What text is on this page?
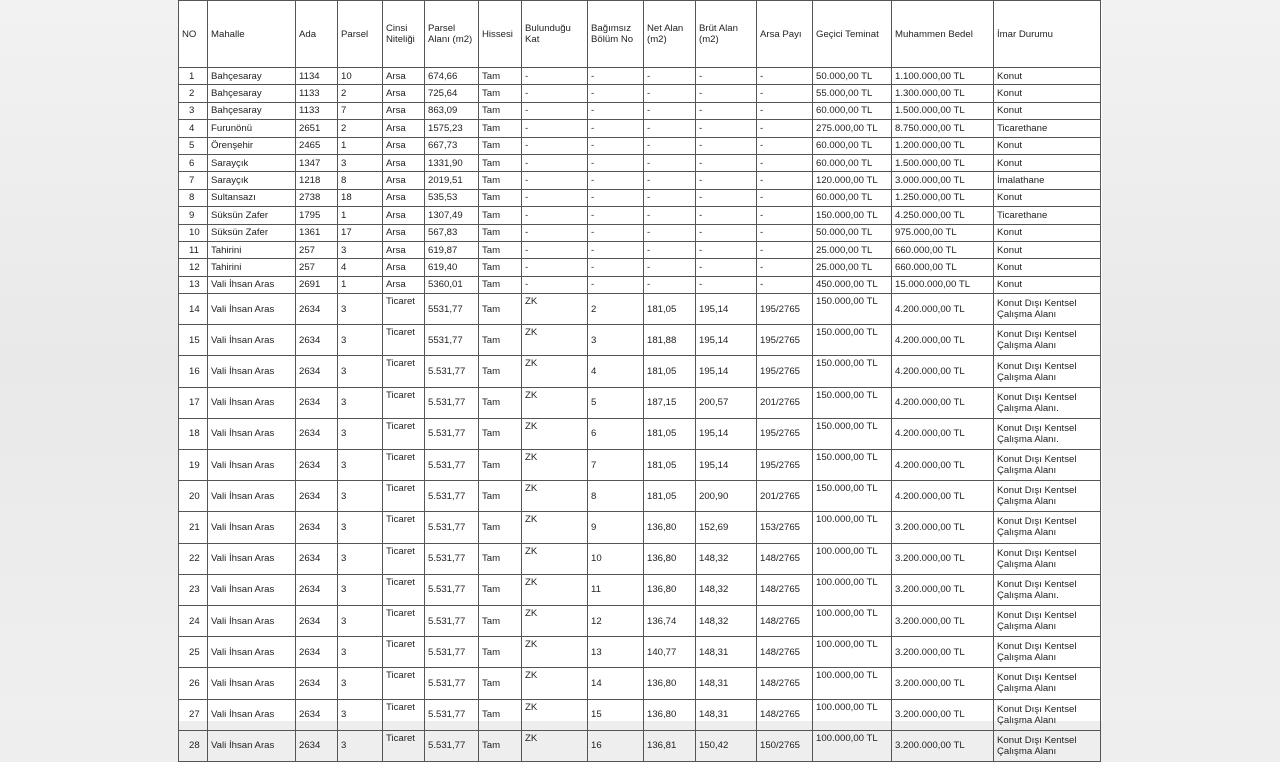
NO	Mahalle	Ada	Parsel	Cinsi Niteliği	Parsel Alanı (m2)	Hissesi	Bulunduğu Kat	Bağımsız Bölüm No	Net Alan (m2)	Brüt Alan (m2)	Arsa Payı	Geçici Teminat	Muhammen Bedel	İmar Durumu
1	Bahçesaray	1134	10	Arsa	674,66	Tam	-	-	-	-	-	50.000,00 TL	1.100.000,00 TL	Konut
2	Bahçesaray	1133	2	Arsa	725,64	Tam	-	-	-	-	-	55.000,00 TL	1.300.000,00 TL	Konut
3	Bahçesaray	1133	7	Arsa	863,09	Tam	-	-	-	-	-	60.000,00 TL	1.500.000,00 TL	Konut
4	Furunönü	2651	2	Arsa	1575,23	Tam	-	-	-	-	-	275.000,00 TL	8.750.000,00 TL	Ticarethane
5	Örenşehir	2465	1	Arsa	667,73	Tam	-	-	-	-	-	60.000,00 TL	1.200.000,00 TL	Konut
6	Sarayçık	1347	3	Arsa	1331,90	Tam	-	-	-	-	-	60.000,00 TL	1.500.000,00 TL	Konut
7	Sarayçık	1218	8	Arsa	2019,51	Tam	-	-	-	-	-	120.000,00 TL	3.000.000,00 TL	İmalathane
8	Sultansazı	2738	18	Arsa	535,53	Tam	-	-	-	-	-	60.000,00 TL	1.250.000,00 TL	Konut
9	Süksün Zafer	1795	1	Arsa	1307,49	Tam	-	-	-	-	-	150.000,00 TL	4.250.000,00 TL	Ticarethane
10	Süksün Zafer	1361	17	Arsa	567,83	Tam	-	-	-	-	-	50.000,00 TL	975.000,00 TL	Konut
11	Tahirini	257	3	Arsa	619,87	Tam	-	-	-	-	-	25.000,00 TL	660.000,00 TL	Konut
12	Tahirini	257	4	Arsa	619,40	Tam	-	-	-	-	-	25.000,00 TL	660.000,00 TL	Konut
13	Vali İhsan Aras	2691	1	Arsa	5360,01	Tam	-	-	-	-	-	450.000,00 TL	15.000.000,00 TL	Konut
14	Vali İhsan Aras	2634	3	Ticaret	5531,77	Tam	ZK	2	181,05	195,14	195/2765	150.000,00 TL	4.200.000,00 TL	Konut Dışı Kentsel Çalışma Alanı
15	Vali İhsan Aras	2634	3	Ticaret	5531,77	Tam	ZK	3	181,88	195,14	195/2765	150.000,00 TL	4.200.000,00 TL	Konut Dışı Kentsel Çalışma Alanı
16	Vali İhsan Aras	2634	3	Ticaret	5.531,77	Tam	ZK	4	181,05	195,14	195/2765	150.000,00 TL	4.200.000,00 TL	Konut Dışı Kentsel Çalışma Alanı
17	Vali İhsan Aras	2634	3	Ticaret	5.531,77	Tam	ZK	5	187,15	200,57	201/2765	150.000,00 TL	4.200.000,00 TL	Konut Dışı Kentsel Çalışma Alanı.
18	Vali İhsan Aras	2634	3	Ticaret	5.531,77	Tam	ZK	6	181,05	195,14	195/2765	150.000,00 TL	4.200.000,00 TL	Konut Dışı Kentsel Çalışma Alanı.
19	Vali İhsan Aras	2634	3	Ticaret	5.531,77	Tam	ZK	7	181,05	195,14	195/2765	150.000,00 TL	4.200.000,00 TL	Konut Dışı Kentsel Çalışma Alanı
20	Vali İhsan Aras	2634	3	Ticaret	5.531,77	Tam	ZK	8	181,05	200,90	201/2765	150.000,00 TL	4.200.000,00 TL	Konut Dışı Kentsel Çalışma Alanı
21	Vali İhsan Aras	2634	3	Ticaret	5.531,77	Tam	ZK	9	136,80	152,69	153/2765	100.000,00 TL	3.200.000,00 TL	Konut Dışı Kentsel Çalışma Alanı
22	Vali İhsan Aras	2634	3	Ticaret	5.531,77	Tam	ZK	10	136,80	148,32	148/2765	100.000,00 TL	3.200.000,00 TL	Konut Dışı Kentsel Çalışma Alanı
23	Vali İhsan Aras	2634	3	Ticaret	5.531,77	Tam	ZK	11	136,80	148,32	148/2765	100.000,00 TL	3.200.000,00 TL	Konut Dışı Kentsel Çalışma Alanı.
24	Vali İhsan Aras	2634	3	Ticaret	5.531,77	Tam	ZK	12	136,74	148,32	148/2765	100.000,00 TL	3.200.000,00 TL	Konut Dışı Kentsel Çalışma Alanı
25	Vali İhsan Aras	2634	3	Ticaret	5.531,77	Tam	ZK	13	140,77	148,31	148/2765	100.000,00 TL	3.200.000,00 TL	Konut Dışı Kentsel Çalışma Alanı
26	Vali İhsan Aras	2634	3	Ticaret	5.531,77	Tam	ZK	14	136,80	148,31	148/2765	100.000,00 TL	3.200.000,00 TL	Konut Dışı Kentsel Çalışma Alanı
27	Vali İhsan Aras	2634	3	Ticaret	5.531,77	Tam	ZK	15	136,80	148,31	148/2765	100.000,00 TL	3.200.000,00 TL	Konut Dışı Kentsel Çalışma Alanı
28	Vali İhsan Aras	2634	3	Ticaret	5.531,77	Tam	ZK	16	136,81	150,42	150/2765	100.000,00 TL	3.200.000,00 TL	Konut Dışı Kentsel Çalışma Alanı
